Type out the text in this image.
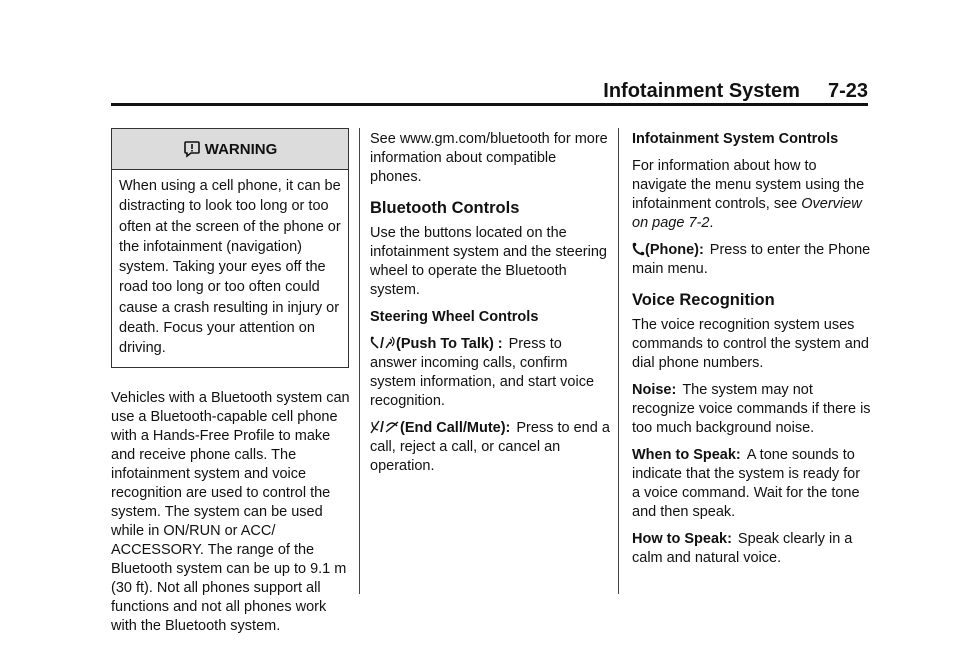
Infotainment System 7-23
WARNING
When using a cell phone, it can be distracting to look too long or too often at the screen of the phone or the infotainment (navigation) system. Taking your eyes off the road too long or too often could cause a crash resulting in injury or death. Focus your attention on driving.

Vehicles with a Bluetooth system can use a Bluetooth-capable cell phone with a Hands-Free Profile to make and receive phone calls. The infotainment system and voice recognition are used to control the system. The system can be used while in ON/RUN or ACC/ ACCESSORY. The range of the Bluetooth system can be up to 9.1 m (30 ft). Not all phones support all functions and not all phones work with the Bluetooth system.

See www.gm.com/bluetooth for more information about compatible phones.

Bluetooth Controls

Use the buttons located on the infotainment system and the steering wheel to operate the Bluetooth system.

Steering Wheel Controls

/ (Push To Talk) : Press to answer incoming calls, confirm system information, and start voice recognition.

/ (End Call/Mute): Press to end a call, reject a call, or cancel an operation.

Infotainment System Controls

For information about how to navigate the menu system using the infotainment controls, see Overview on page 7-2.

(Phone): Press to enter the Phone main menu.

Voice Recognition

The voice recognition system uses commands to control the system and dial phone numbers.

Noise: The system may not recognize voice commands if there is too much background noise.

When to Speak: A tone sounds to indicate that the system is ready for a voice command. Wait for the tone and then speak.

How to Speak: Speak clearly in a calm and natural voice.
